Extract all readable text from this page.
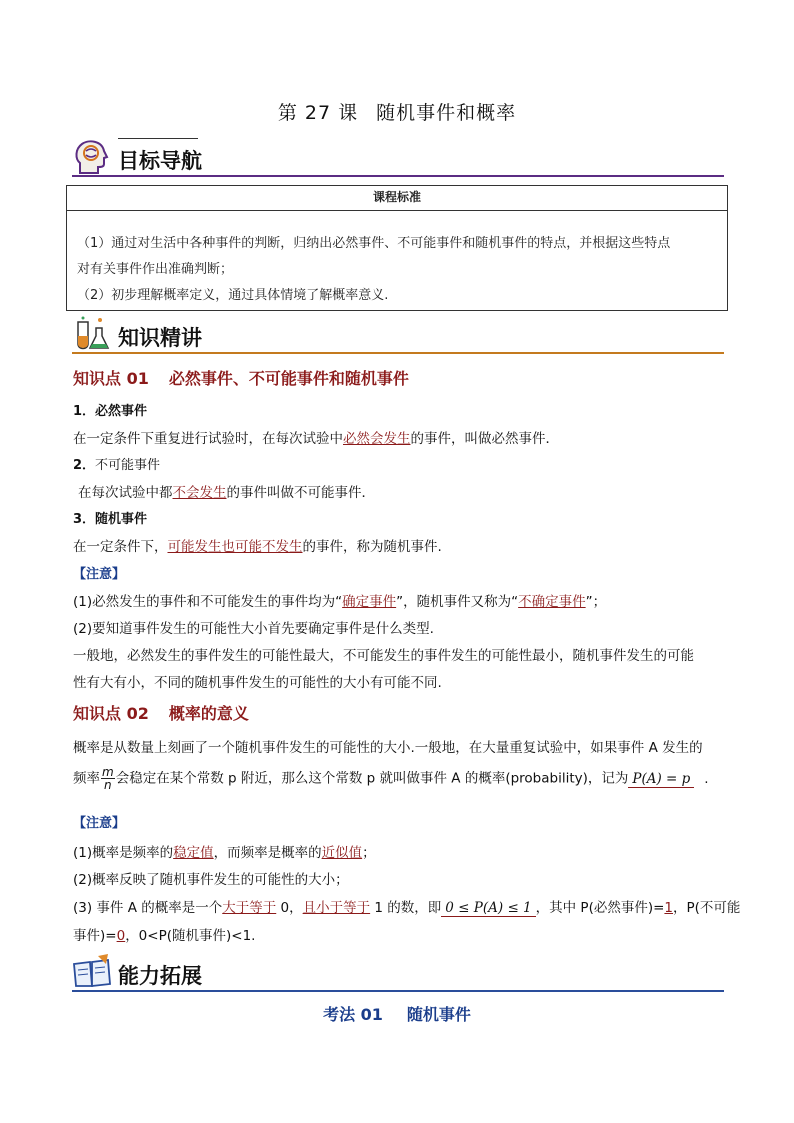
第 27 课 随机事件和概率
目标导航
课程标准
（1）通过对生活中各种事件的判断，归纳出必然事件、不可能事件和随机事件的特点，并根据这些特点
对有关事件作出准确判断；
（2）初步理解概率定义，通过具体情境了解概率意义.
知识精讲
知识点 01 必然事件、不可能事件和随机事件
1．必然事件
在一定条件下重复进行试验时，在每次试验中必然会发生的事件，叫做必然事件．
2．不可能事件
在每次试验中都不会发生的事件叫做不可能事件．
3．随机事件
在一定条件下，可能发生也可能不发生的事件，称为随机事件.
【注意】
(1)必然发生的事件和不可能发生的事件均为“确定事件”，随机事件又称为“不确定事件”；
(2)要知道事件发生的可能性大小首先要确定事件是什么类型.
一般地，必然发生的事件发生的可能性最大，不可能发生的事件发生的可能性最小，随机事件发生的可能
性有大有小，不同的随机事件发生的可能性的大小有可能不同.
知识点 02 概率的意义
概率是从数量上刻画了一个随机事件发生的可能性的大小.一般地，在大量重复试验中，如果事件 A 发生的
频率 $\frac{m}{n}$ 会稳定在某个常数 p 附近，那么这个常数 p 就叫做事件 A 的概率(probability)，记为 P(A) = p .
【注意】
(1)概率是频率的稳定值，而频率是概率的近似值；
(2)概率反映了随机事件发生的可能性的大小；
(3) 事件 A 的概率是一个大于等于 0，且小于等于 1 的数，即 0 ≤ P(A) ≤ 1 ，其中 P(必然事件)=1，P(不可能
事件)=0，0<P(随机事件)<1.
能力拓展
考法 01 随机事件
